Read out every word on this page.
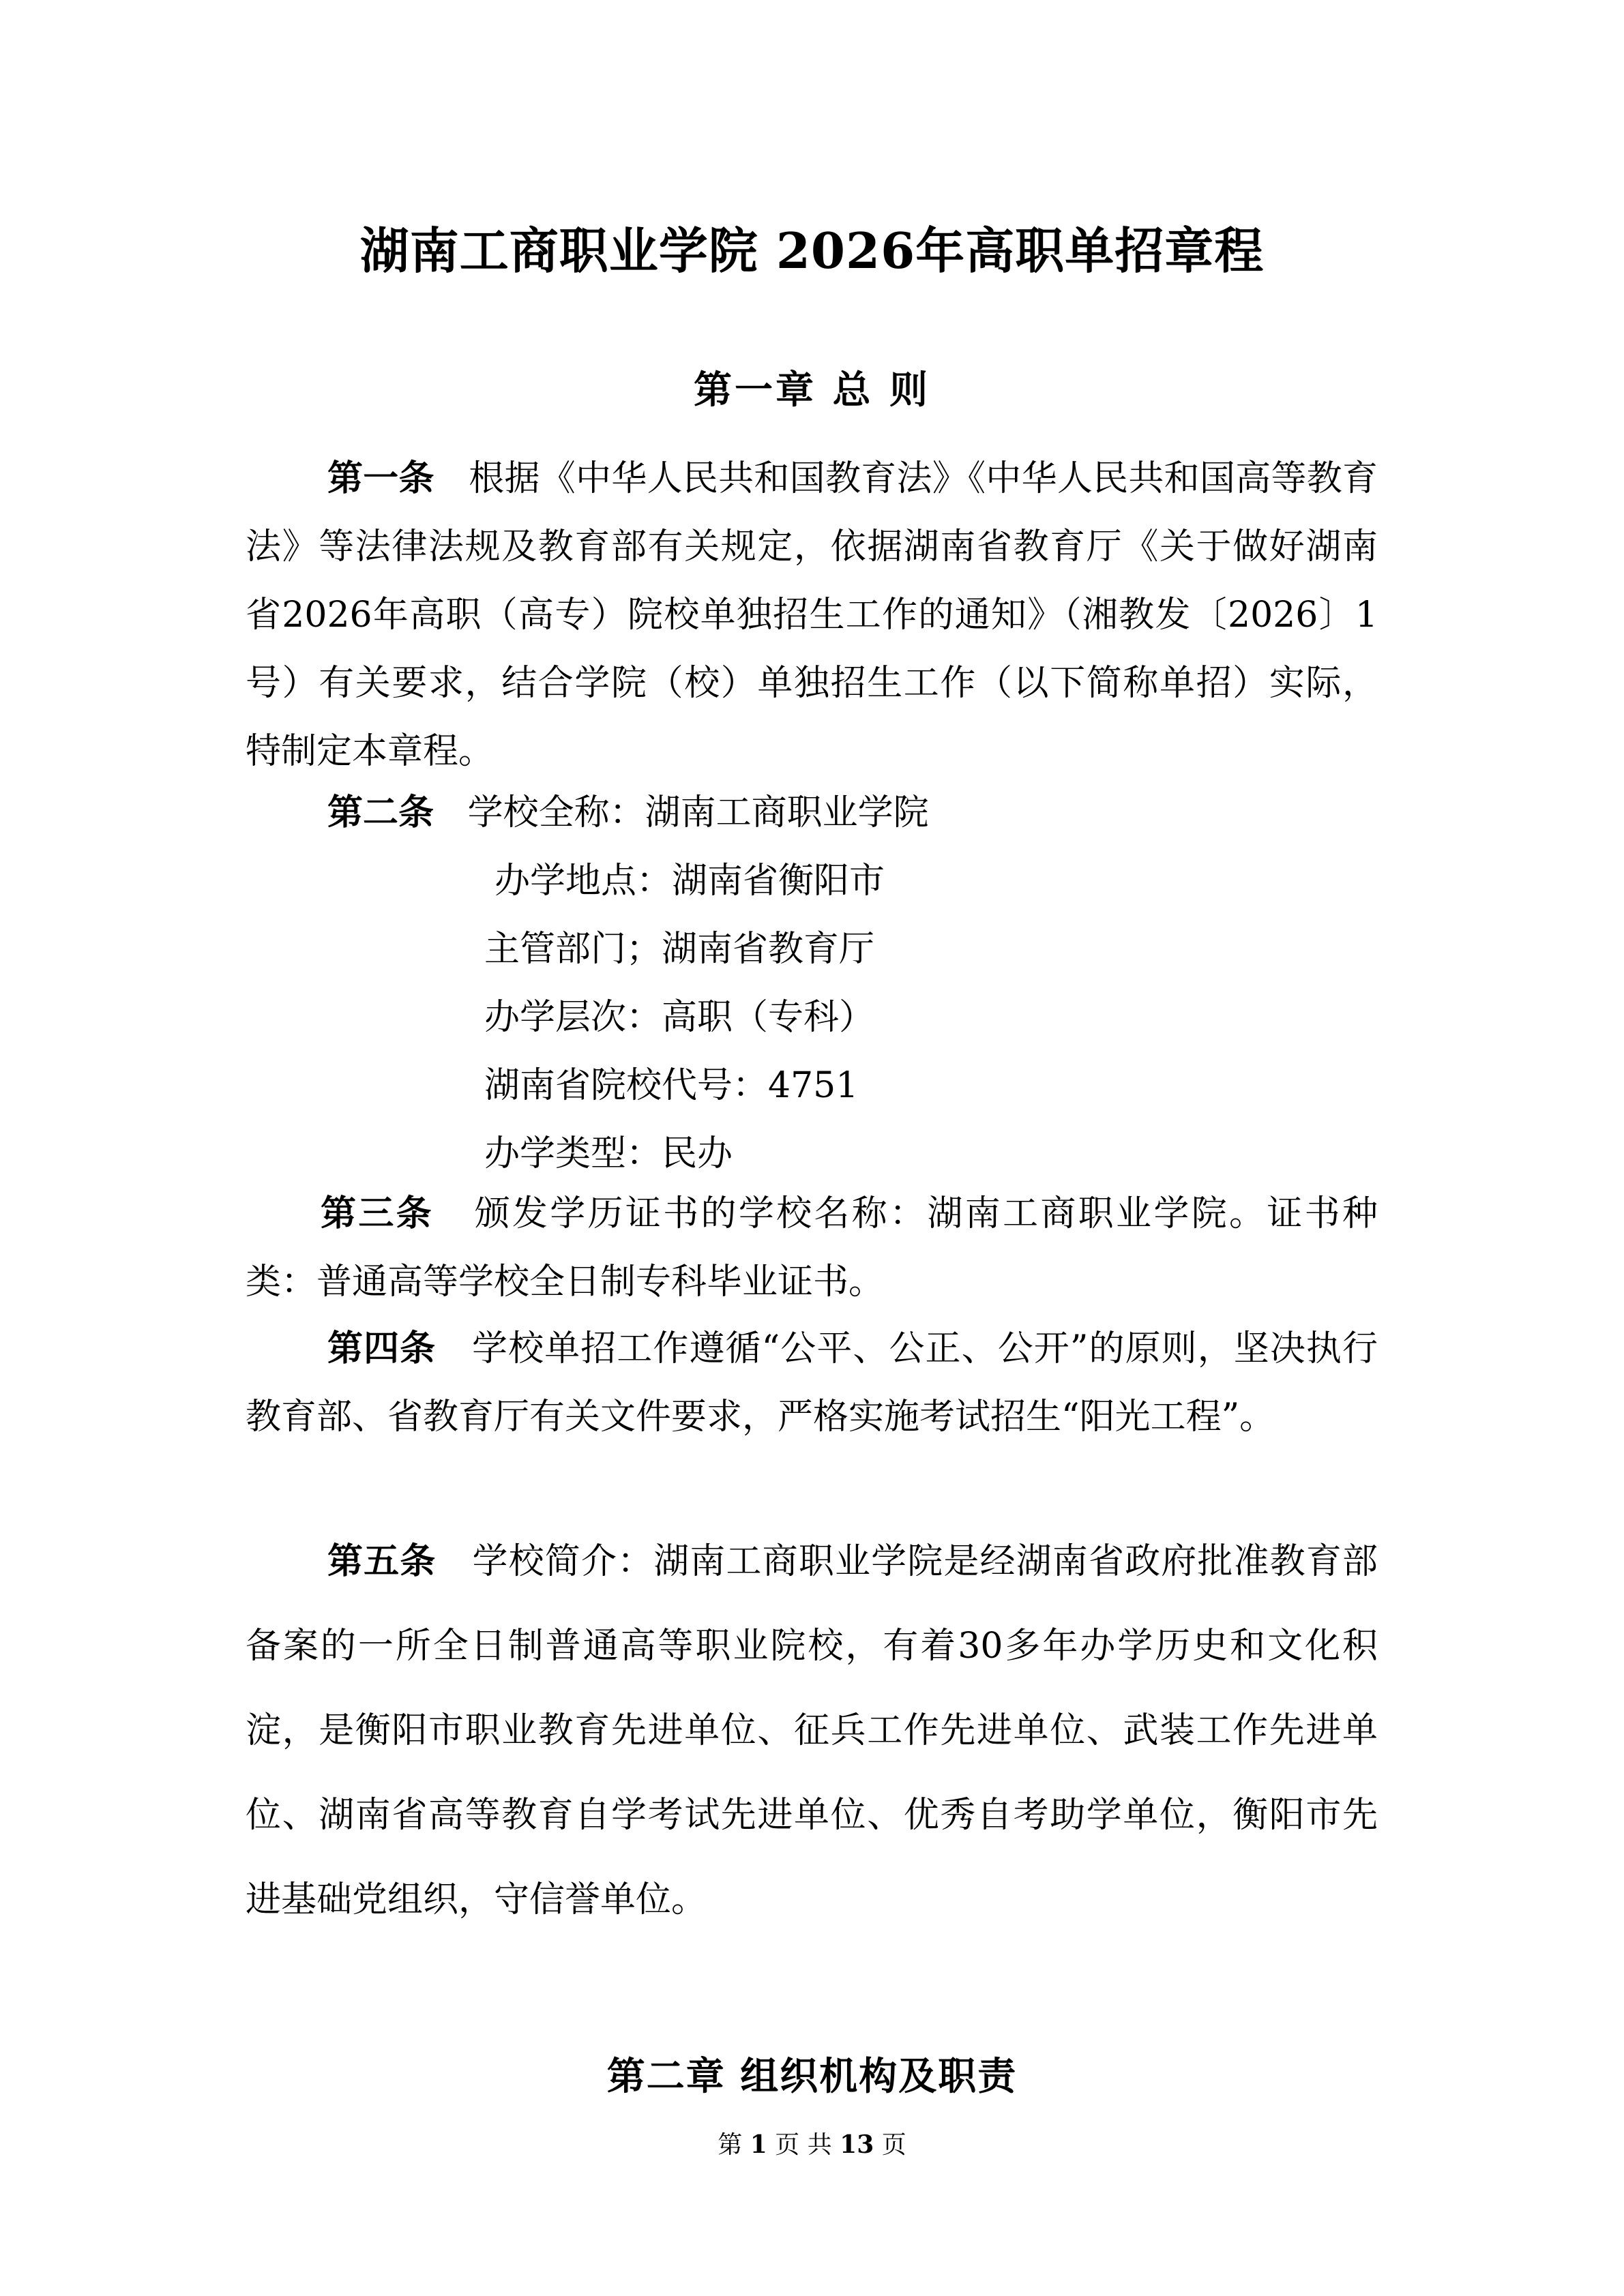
湖南工商职业学院 2026年高职单招章程
第一章 总 则

第一条 根据《中华人民共和国教育法》《中华人民共和国高等教育法》等法律法规及教育部有关规定，依据湖南省教育厅《关于做好湖南省2026年高职（高专）院校单独招生工作的通知》（湘教发〔2026〕1号）有关要求，结合学院（校）单独招生工作（以下简称单招）实际，特制定本章程。

第二条 学校全称：湖南工商职业学院

办学地点：湖南省衡阳市
主管部门；湖南省教育厅
办学层次：高职（专科）
湖南省院校代号：4751
办学类型：民办

第三条 颁发学历证书的学校名称：湖南工商职业学院。证书种类：普通高等学校全日制专科毕业证书。

第四条 学校单招工作遵循“公平、公正、公开”的原则，坚决执行教育部、省教育厅有关文件要求，严格实施考试招生“阳光工程”。

第五条 学校简介：湖南工商职业学院是经湖南省政府批准教育部备案的一所全日制普通高等职业院校，有着30多年办学历史和文化积淀，是衡阳市职业教育先进单位、征兵工作先进单位、武装工作先进单位、湖南省高等教育自学考试先进单位、优秀自考助学单位，衡阳市先进基础党组织，守信誉单位。

第二章 组织机构及职责
第 1 页 共 13 页
